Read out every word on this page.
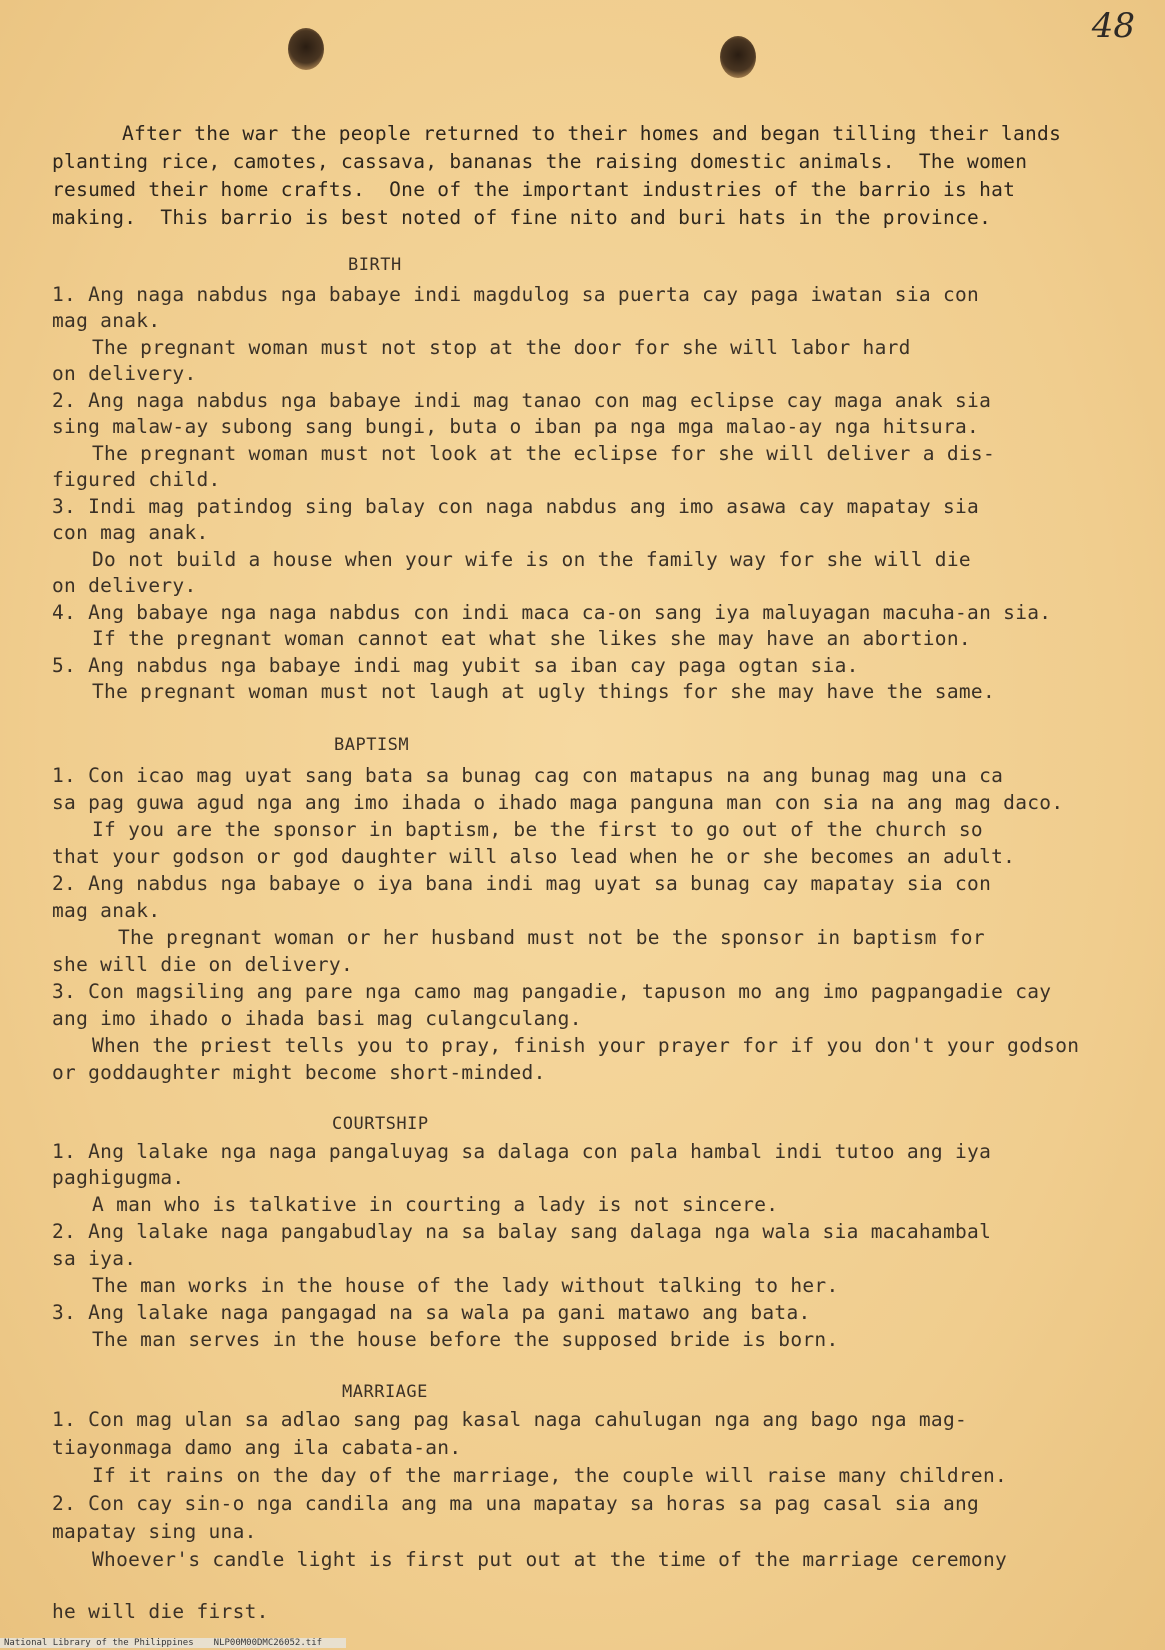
48
After the war the people returned to their homes and began tilling their lands
planting rice, camotes, cassava, bananas the raising domestic animals.  The women
resumed their home crafts.  One of the important industries of the barrio is hat
making.  This barrio is best noted of fine nito and buri hats in the province.
BIRTH
1. Ang naga nabdus nga babaye indi magdulog sa puerta cay paga iwatan sia con
mag anak.
The pregnant woman must not stop at the door for she will labor hard
on delivery.
2. Ang naga nabdus nga babaye indi mag tanao con mag eclipse cay maga anak sia
sing malaw-ay subong sang bungi, buta o iban pa nga mga malao-ay nga hitsura.
The pregnant woman must not look at the eclipse for she will deliver a dis-
figured child.
3. Indi mag patindog sing balay con naga nabdus ang imo asawa cay mapatay sia
con mag anak.
Do not build a house when your wife is on the family way for she will die
on delivery.
4. Ang babaye nga naga nabdus con indi maca ca-on sang iya maluyagan macuha-an sia.
If the pregnant woman cannot eat what she likes she may have an abortion.
5. Ang nabdus nga babaye indi mag yubit sa iban cay paga ogtan sia.
The pregnant woman must not laugh at ugly things for she may have the same.
BAPTISM
1. Con icao mag uyat sang bata sa bunag cag con matapus na ang bunag mag una ca
sa pag guwa agud nga ang imo ihada o ihado maga panguna man con sia na ang mag daco.
If you are the sponsor in baptism, be the first to go out of the church so
that your godson or god daughter will also lead when he or she becomes an adult.
2. Ang nabdus nga babaye o iya bana indi mag uyat sa bunag cay mapatay sia con
mag anak.
The pregnant woman or her husband must not be the sponsor in baptism for
she will die on delivery.
3. Con magsiling ang pare nga camo mag pangadie, tapuson mo ang imo pagpangadie cay
ang imo ihado o ihada basi mag culangculang.
When the priest tells you to pray, finish your prayer for if you don't your godson
or goddaughter might become short-minded.
COURTSHIP
1. Ang lalake nga naga pangaluyag sa dalaga con pala hambal indi tutoo ang iya
paghigugma.
A man who is talkative in courting a lady is not sincere.
2. Ang lalake naga pangabudlay na sa balay sang dalaga nga wala sia macahambal
sa iya.
The man works in the house of the lady without talking to her.
3. Ang lalake naga pangagad na sa wala pa gani matawo ang bata.
The man serves in the house before the supposed bride is born.
MARRIAGE
1. Con mag ulan sa adlao sang pag kasal naga cahulugan nga ang bago nga mag-
tiayonmaga damo ang ila cabata-an.
If it rains on the day of the marriage, the couple will raise many children.
2. Con cay sin-o nga candila ang ma una mapatay sa horas sa pag casal sia ang
mapatay sing una.
Whoever's candle light is first put out at the time of the marriage ceremony
he will die first.
National Library of the Philippines NLP00M00DMC26052.tif
